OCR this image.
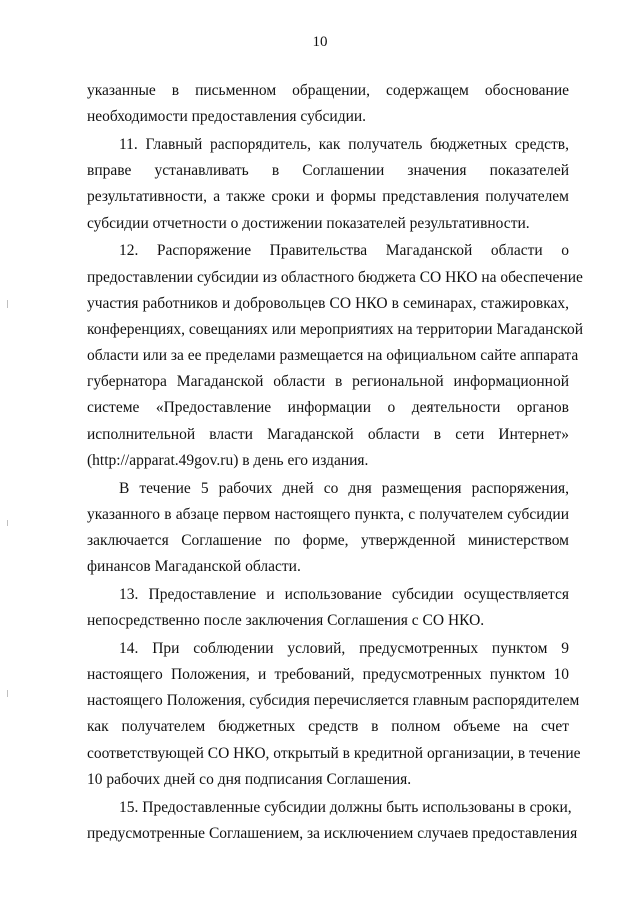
10
указанные в письменном обращении, содержащем обоснование
необходимости предоставления субсидии.
11. Главный распорядитель, как получатель бюджетных средств,
вправе устанавливать в Соглашении значения показателей
результативности, а также сроки и формы представления получателем
субсидии отчетности о достижении показателей результативности.
12. Распоряжение Правительства Магаданской области о
предоставлении субсидии из областного бюджета СО НКО на обеспечение
участия работников и добровольцев СО НКО в семинарах, стажировках,
конференциях, совещаниях или мероприятиях на территории Магаданской
области или за ее пределами размещается на официальном сайте аппарата
губернатора Магаданской области в региональной информационной
системе «Предоставление информации о деятельности органов
исполнительной власти Магаданской области в сети Интернет»
(http://apparat.49gov.ru) в день его издания.
В течение 5 рабочих дней со дня размещения распоряжения,
указанного в абзаце первом настоящего пункта, с получателем субсидии
заключается Соглашение по форме, утвержденной министерством
финансов Магаданской области.
13. Предоставление и использование субсидии осуществляется
непосредственно после заключения Соглашения с СО НКО.
14. При соблюдении условий, предусмотренных пунктом 9
настоящего Положения, и требований, предусмотренных пунктом 10
настоящего Положения, субсидия перечисляется главным распорядителем
как получателем бюджетных средств в полном объеме на счет
соответствующей СО НКО, открытый в кредитной организации, в течение
10 рабочих дней со дня подписания Соглашения.
15. Предоставленные субсидии должны быть использованы в сроки,
предусмотренные Соглашением, за исключением случаев предоставления
